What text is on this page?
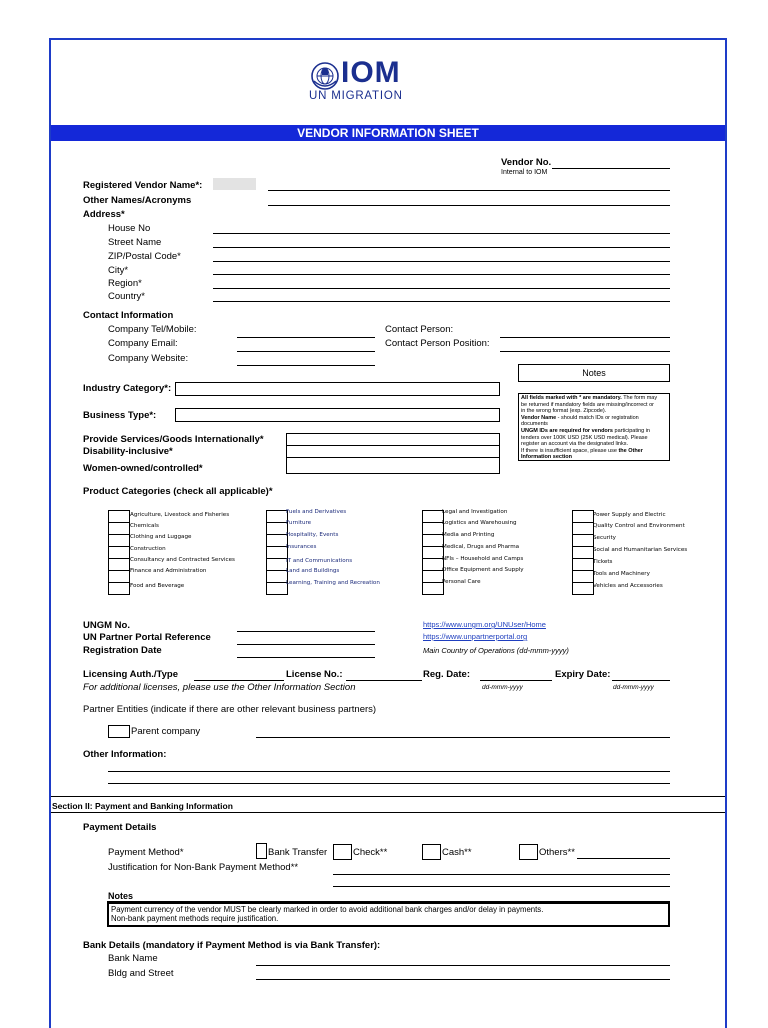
IOM
UN MIGRATION
VENDOR INFORMATION SHEET
Vendor No.
Internal to IOM
Registered Vendor Name*:
Other Names/Acronyms
Address*
House No
Street Name
ZIP/Postal Code*
City*
Region*
Country*
Contact Information
Company Tel/Mobile:	Contact Person:
Company Email:	Contact Person Position:
Company Website:
Notes
All fields marked with * are mandatory. The form may
be returned if mandatory fields are missing/incorrect or
in the wrong format (exp. Zipcode).
Vendor Name - should match IDs or registration
documents
UNGM IDs are required for vendors participating in
tenders over 100K USD (25K USD medical). Please
register an account via the designated links.
If there is insufficient space, please use the Other
Information section
Industry Category*:
Business Type*:
Provide Services/Goods Internationally*
Disability-inclusive*
Women-owned/controlled*
Product Categories (check all applicable)*
Agriculture, Livestock and Fisheries
Chemicals
Clothing and Luggage
Construction
Consultancy and Contracted Services
Finance and Administration
Food and Beverage
Fuels and Derivatives
Furniture
Hospitality, Events
Insurances
IT and Communications
Land and Buildings
Learning, Training and Recreation
Legal and Investigation
Logistics and Warehousing
Media and Printing
Medical, Drugs and Pharma
NFIs – Household and Camps
Office Equipment and Supply
Personal Care
Power Supply and Electric
Quality Control and Environment
Security
Social and Humanitarian Services
Tickets
Tools and Machinery
Vehicles and Accessories
UNGM No.
UN Partner Portal Reference
Registration Date
https://www.ungm.org/UNUser/Home
https://www.unpartnerportal.org
Main Country of Operations (dd-mmm-yyyy)
Licensing Auth./Type	License No.:	Reg. Date:	Expiry Date:
For additional licenses, please use the Other Information Section	dd-mmm-yyyy	dd-mmm-yyyy
Partner Entities (indicate if there are other relevant business partners)
Parent company
Other Information:
Section II: Payment and Banking Information
Payment Details
Payment Method*	Bank Transfer	Check**	Cash**	Others**
Justification for Non-Bank Payment Method**
Notes
Payment currency of the vendor MUST be clearly marked in order to avoid additional bank charges and/or delay in payments.
Non-bank payment methods require justification.
Bank Details (mandatory if Payment Method is via Bank Transfer):
Bank Name
Bldg and Street
